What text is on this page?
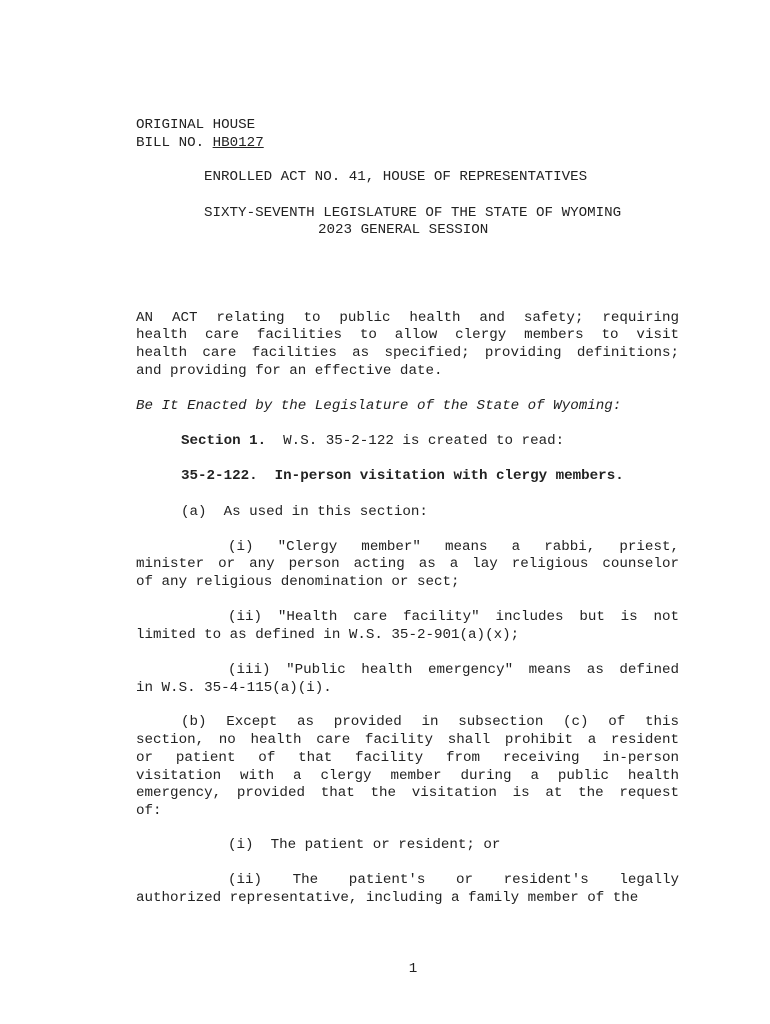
ORIGINAL HOUSE
BILL NO. HB0127
ENROLLED ACT NO. 41, HOUSE OF REPRESENTATIVES
SIXTY-SEVENTH LEGISLATURE OF THE STATE OF WYOMING
2023 GENERAL SESSION
AN ACT relating to public health and safety; requiring
health care facilities to allow clergy members to visit
health care facilities as specified; providing definitions;
and providing for an effective date.
Be It Enacted by the Legislature of the State of Wyoming:
Section 1.  W.S. 35-2-122 is created to read:
35-2-122.  In-person visitation with clergy members.
(a)  As used in this section:
(i) "Clergy member" means a rabbi, priest,
minister or any person acting as a lay religious counselor
of any religious denomination or sect;
(ii) "Health care facility" includes but is not
limited to as defined in W.S. 35-2-901(a)(x);
(iii) "Public health emergency" means as defined
in W.S. 35-4-115(a)(i).
(b) Except as provided in subsection (c) of this
section, no health care facility shall prohibit a resident
or patient of that facility from receiving in-person
visitation with a clergy member during a public health
emergency, provided that the visitation is at the request
of:
(i)  The patient or resident; or
(ii) The patient's or resident's legally
authorized representative, including a family member of the
1
